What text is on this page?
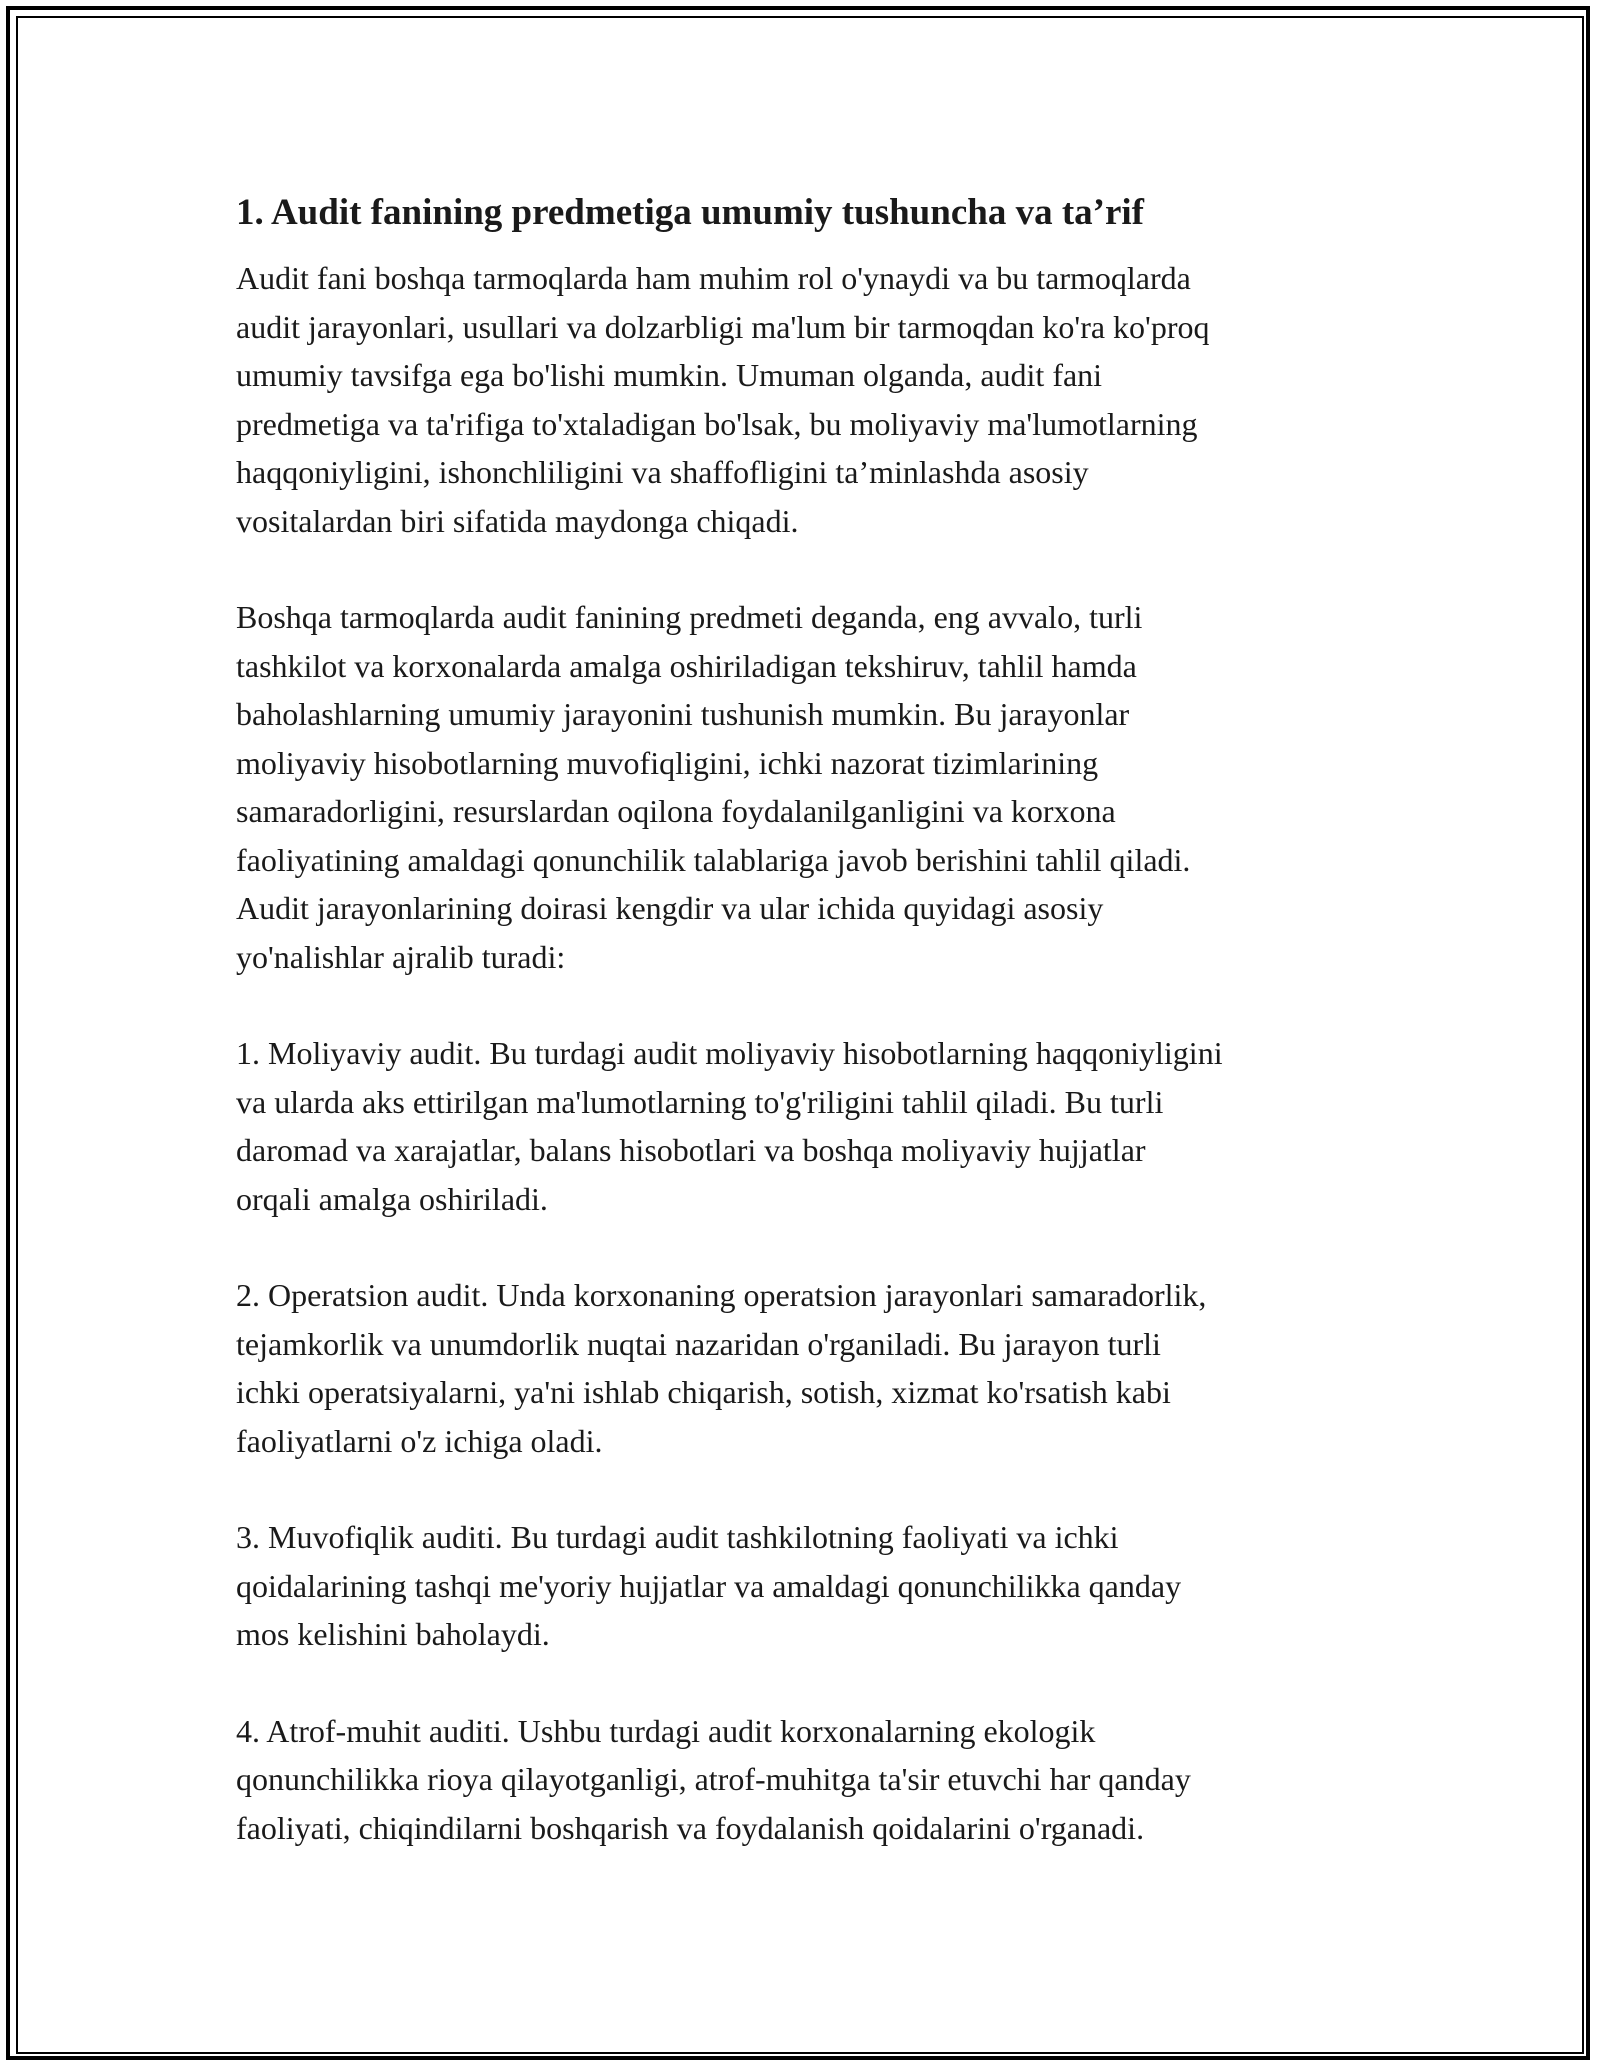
1. Audit fanining predmetiga umumiy tushuncha va ta’rif

Audit fani boshqa tarmoqlarda ham muhim rol o'ynaydi va bu tarmoqlarda
audit jarayonlari, usullari va dolzarbligi ma'lum bir tarmoqdan ko'ra ko'proq
umumiy tavsifga ega bo'lishi mumkin. Umuman olganda, audit fani
predmetiga va ta'rifiga to'xtaladigan bo'lsak, bu moliyaviy ma'lumotlarning
haqqoniyligini, ishonchliligini va shaffofligini ta’minlashda asosiy
vositalardan biri sifatida maydonga chiqadi.

Boshqa tarmoqlarda audit fanining predmeti deganda, eng avvalo, turli
tashkilot va korxonalarda amalga oshiriladigan tekshiruv, tahlil hamda
baholashlarning umumiy jarayonini tushunish mumkin. Bu jarayonlar
moliyaviy hisobotlarning muvofiqligini, ichki nazorat tizimlarining
samaradorligini, resurslardan oqilona foydalanilganligini va korxona
faoliyatining amaldagi qonunchilik talablariga javob berishini tahlil qiladi.
Audit jarayonlarining doirasi kengdir va ular ichida quyidagi asosiy
yo'nalishlar ajralib turadi:

1. Moliyaviy audit. Bu turdagi audit moliyaviy hisobotlarning haqqoniyligini
va ularda aks ettirilgan ma'lumotlarning to'g'riligini tahlil qiladi. Bu turli
daromad va xarajatlar, balans hisobotlari va boshqa moliyaviy hujjatlar
orqali amalga oshiriladi.

2. Operatsion audit. Unda korxonaning operatsion jarayonlari samaradorlik,
tejamkorlik va unumdorlik nuqtai nazaridan o'rganiladi. Bu jarayon turli
ichki operatsiyalarni, ya'ni ishlab chiqarish, sotish, xizmat ko'rsatish kabi
faoliyatlarni o'z ichiga oladi.

3. Muvofiqlik auditi. Bu turdagi audit tashkilotning faoliyati va ichki
qoidalarining tashqi me'yoriy hujjatlar va amaldagi qonunchilikka qanday
mos kelishini baholaydi.

4. Atrof-muhit auditi. Ushbu turdagi audit korxonalarning ekologik
qonunchilikka rioya qilayotganligi, atrof-muhitga ta'sir etuvchi har qanday
faoliyati, chiqindilarni boshqarish va foydalanish qoidalarini o'rganadi.
